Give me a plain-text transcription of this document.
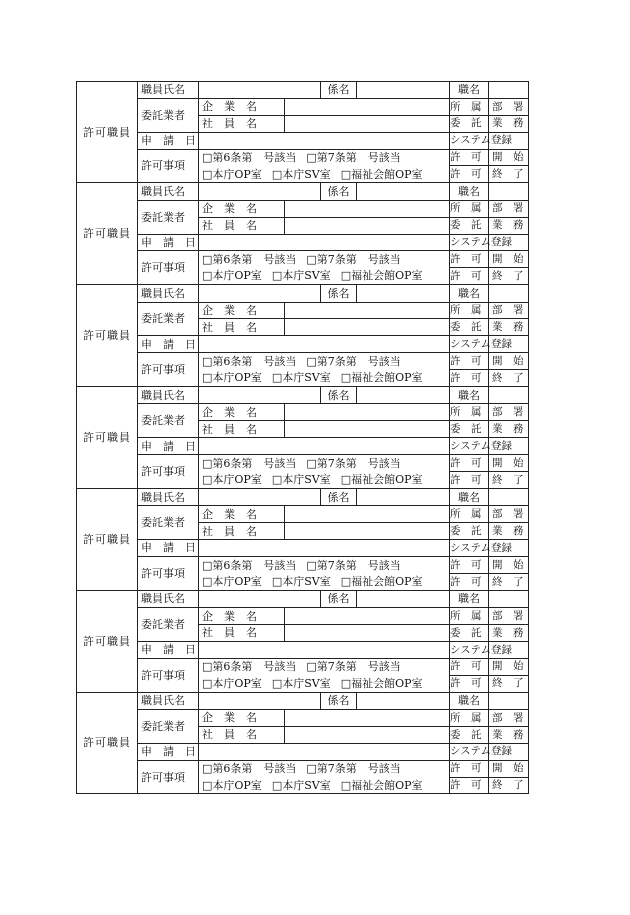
許可職員	職員氏名			係名		職名	
	委託業者	企　業　名				所　属　部　署	
		社　員　名				委　託　業　務	
	申　請　日					システム登録	
	許可事項	□第6条第　号該当 □第7条第　号該当				許　可　開　始	
		□本庁OP室 □本庁SV室 □福祉会館OP室				許　可　終　了	
許可職員	職員氏名			係名		職名	
	委託業者	企　業　名				所　属　部　署	
		社　員　名				委　託　業　務	
	申　請　日					システム登録	
	許可事項	□第6条第　号該当 □第7条第　号該当				許　可　開　始	
		□本庁OP室 □本庁SV室 □福祉会館OP室				許　可　終　了	
許可職員	職員氏名			係名		職名	
	委託業者	企　業　名				所　属　部　署	
		社　員　名				委　託　業　務	
	申　請　日					システム登録	
	許可事項	□第6条第　号該当 □第7条第　号該当				許　可　開　始	
		□本庁OP室 □本庁SV室 □福祉会館OP室				許　可　終　了	
許可職員	職員氏名			係名		職名	
	委託業者	企　業　名				所　属　部　署	
		社　員　名				委　託　業　務	
	申　請　日					システム登録	
	許可事項	□第6条第　号該当 □第7条第　号該当				許　可　開　始	
		□本庁OP室 □本庁SV室 □福祉会館OP室				許　可　終　了	
許可職員	職員氏名			係名		職名	
	委託業者	企　業　名				所　属　部　署	
		社　員　名				委　託　業　務	
	申　請　日					システム登録	
	許可事項	□第6条第　号該当 □第7条第　号該当				許　可　開　始	
		□本庁OP室 □本庁SV室 □福祉会館OP室				許　可　終　了	
許可職員	職員氏名			係名		職名	
	委託業者	企　業　名				所　属　部　署	
		社　員　名				委　託　業　務	
	申　請　日					システム登録	
	許可事項	□第6条第　号該当 □第7条第　号該当				許　可　開　始	
		□本庁OP室 □本庁SV室 □福祉会館OP室				許　可　終　了	
許可職員	職員氏名			係名		職名	
	委託業者	企　業　名				所　属　部　署	
		社　員　名				委　託　業　務	
	申　請　日					システム登録	
	許可事項	□第6条第　号該当 □第7条第　号該当				許　可　開　始	
		□本庁OP室 □本庁SV室 □福祉会館OP室				許　可　終　了	
